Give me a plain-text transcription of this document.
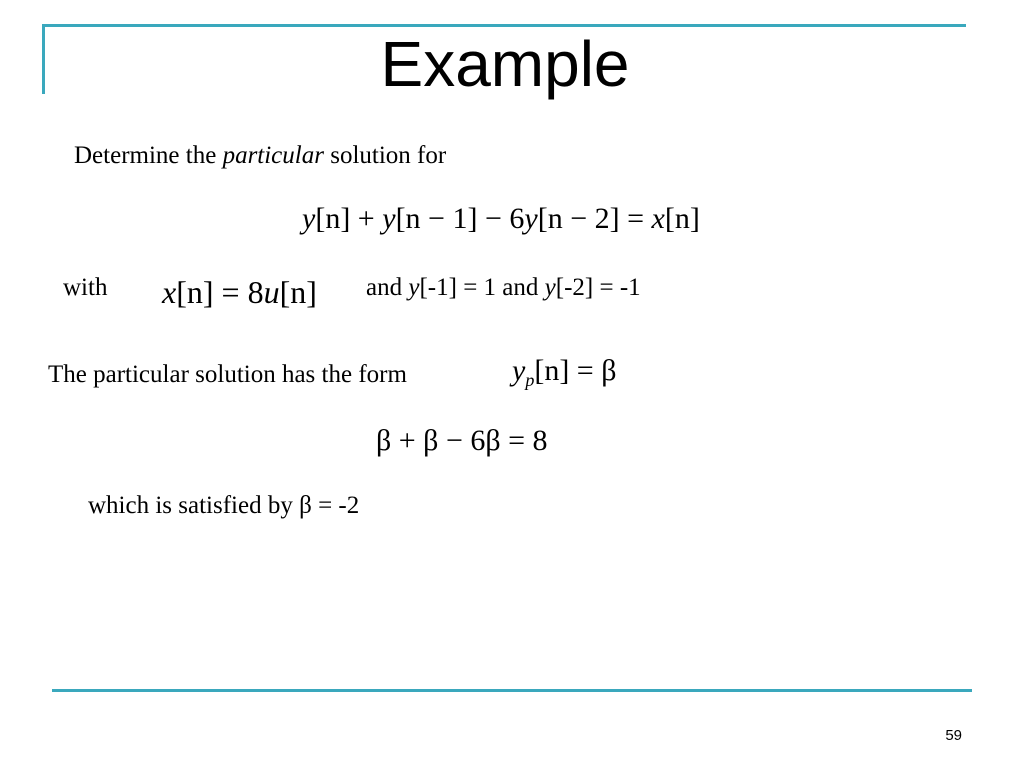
Example
Determine the particular solution for
y[n] + y[n − 1] − 6y[n − 2] = x[n]
with x[n] = 8u[n] and y[-1] = 1 and y[-2] = -1
The particular solution has the form	$y_p[n] = \beta$
β + β − 6β = 8
which is satisfied by β = -2
59
